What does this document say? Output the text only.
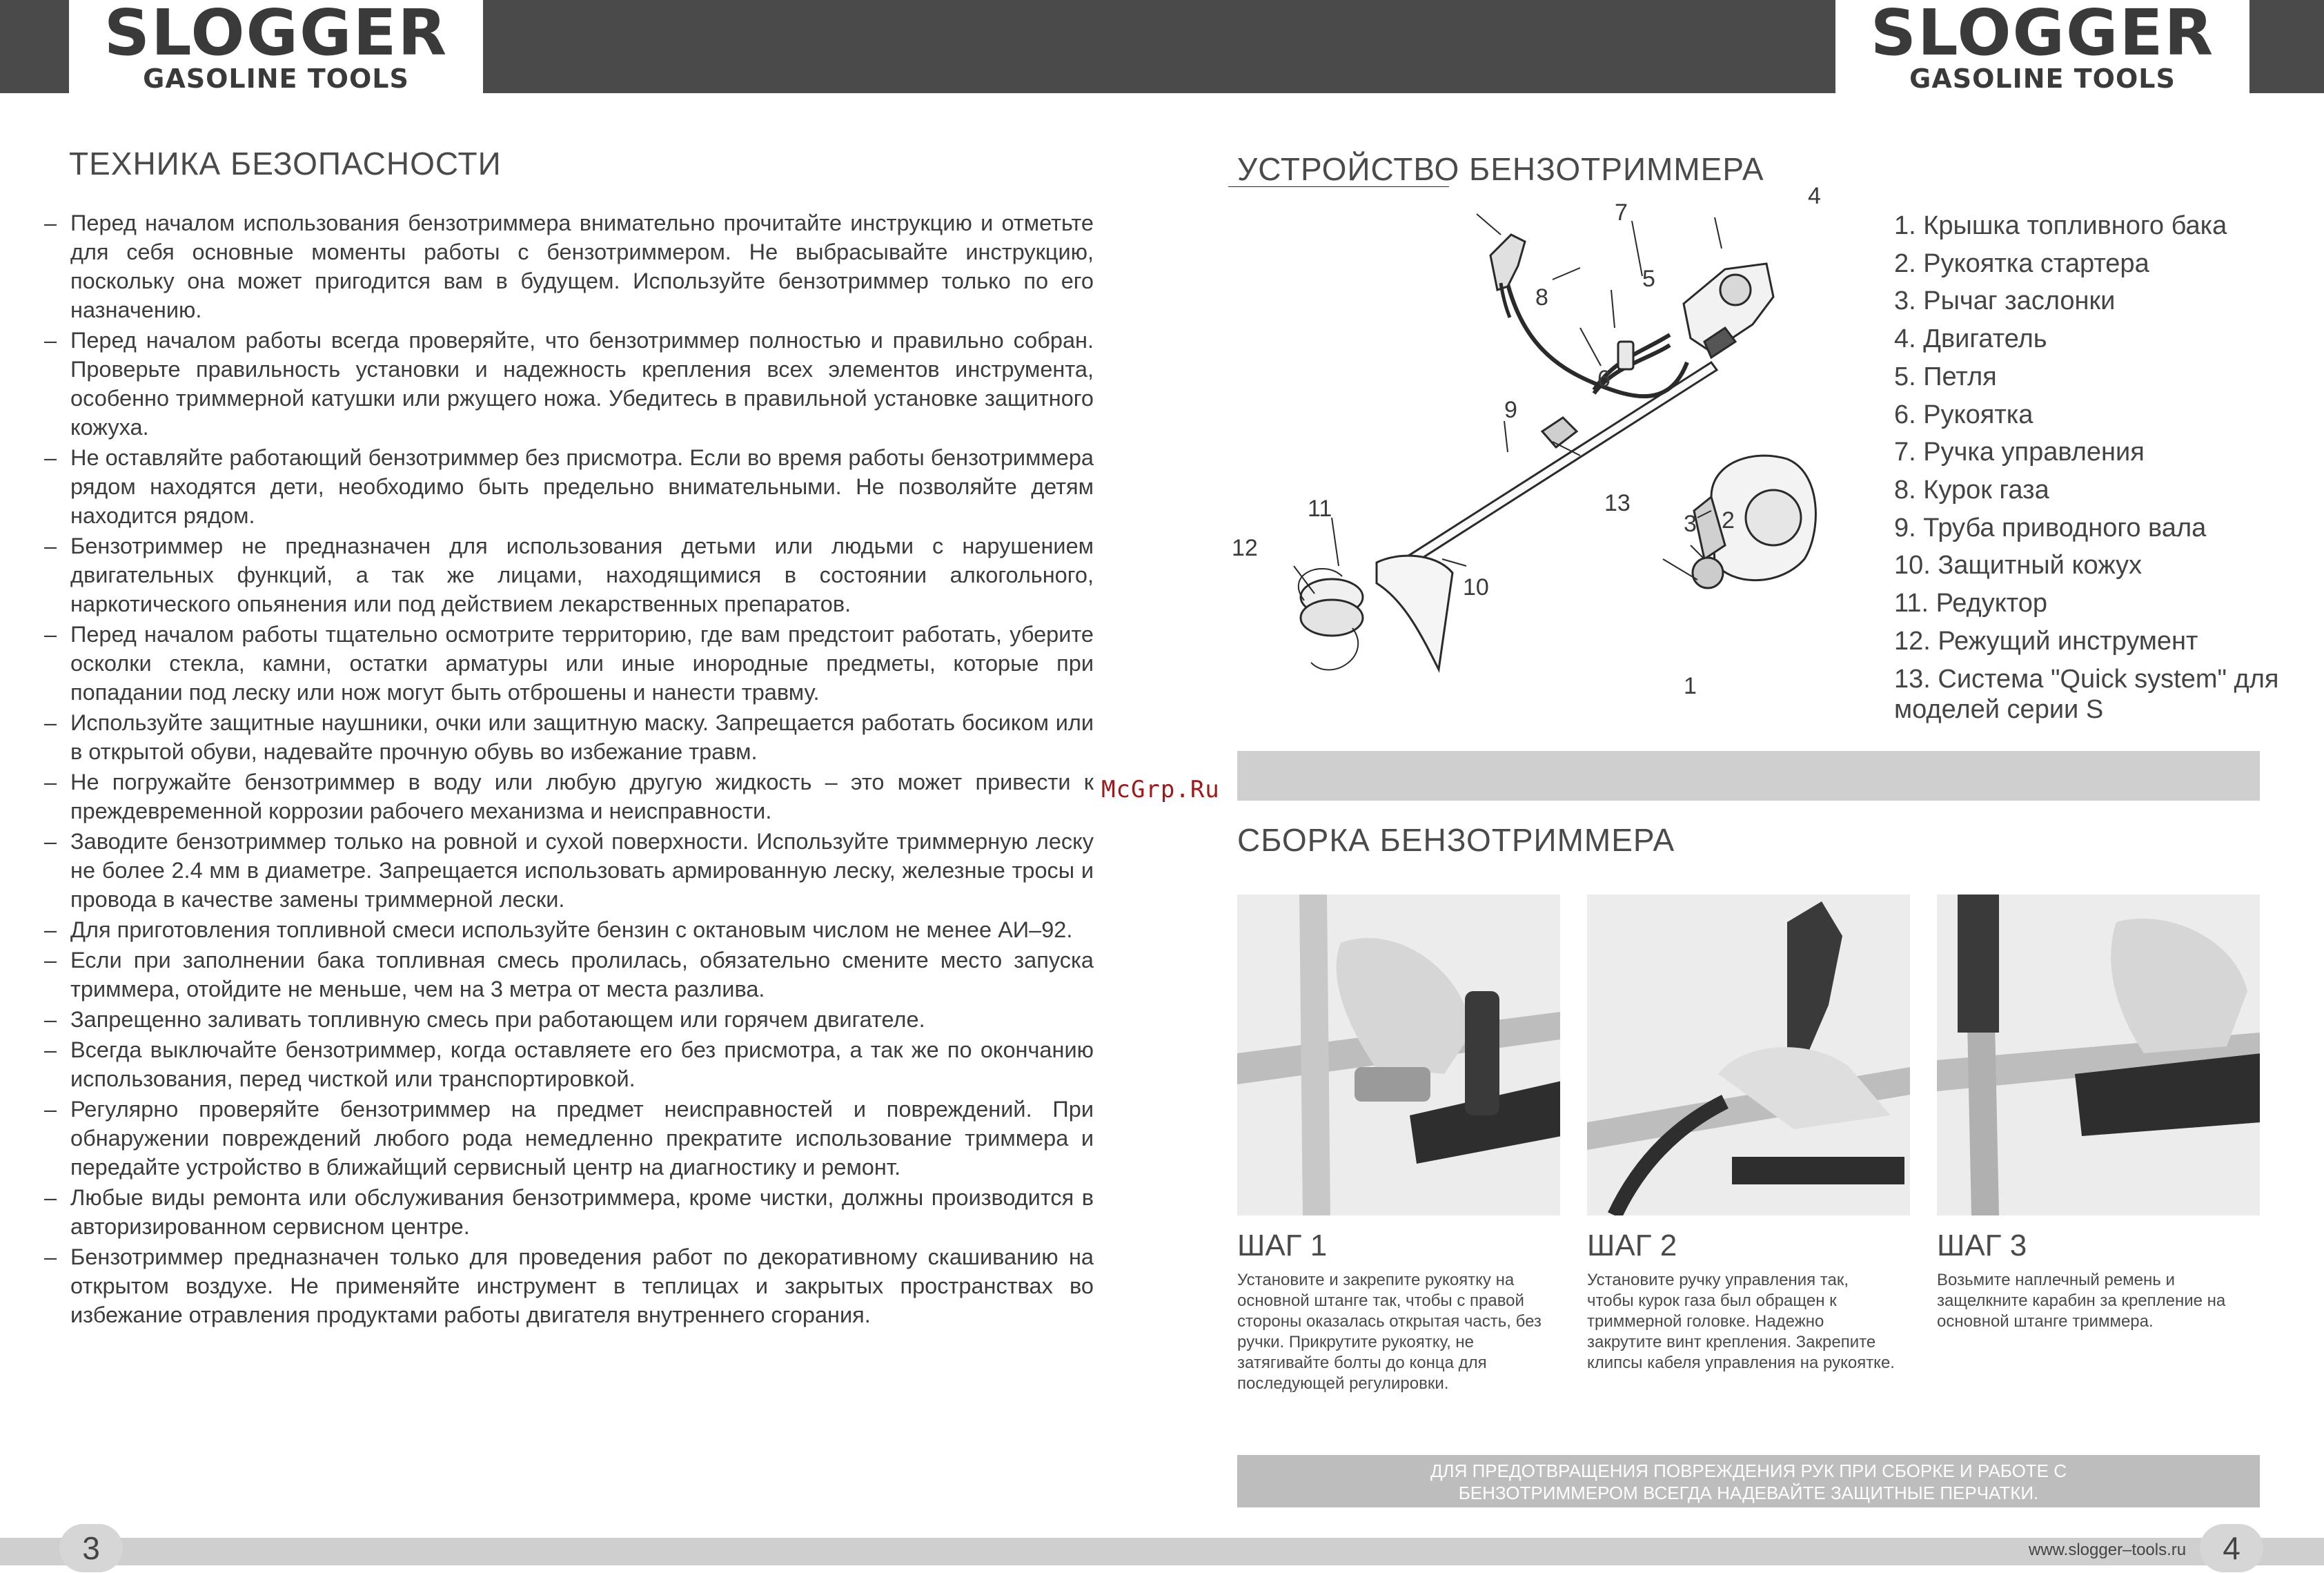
SLOGGER
GASOLINE TOOLS
SLOGGER
GASOLINE TOOLS
ТЕХНИКА БЕЗОПАСНОСТИ

– Перед началом использования бензотриммера внимательно прочитайте инструкцию и отметьте для себя основные моменты работы с бензотриммером. Не выбрасывайте инструкцию, поскольку она может пригодится вам в будущем. Используйте бензотриммер только по его назначению.

– Перед началом работы всегда проверяйте, что бензотриммер полностью и правильно собран. Проверьте правильность установки и надежность крепления всех элементов инструмента, особенно триммерной катушки или ржущего ножа. Убедитесь в правильной установке защитного кожуха.

– Не оставляйте работающий бензотриммер без присмотра. Если во время работы бензотриммера рядом находятся дети, необходимо быть предельно внимательными. Не позволяйте детям находится рядом.

– Бензотриммер не предназначен для использования детьми или людьми с нарушением двигательных функций, а так же лицами, находящимися в состоянии алкогольного, наркотического опьянения или под действием лекарственных препаратов.

– Перед началом работы тщательно осмотрите территорию, где вам предстоит работать, уберите осколки стекла, камни, остатки арматуры или иные инородные предметы, которые при попадании под леску или нож могут быть отброшены и нанести травму.

– Используйте защитные наушники, очки или защитную маску. Запрещается работать босиком или в открытой обуви, надевайте прочную обувь во избежание травм.

– Не погружайте бензотриммер в воду или любую другую жидкость – это может привести к преждевременной коррозии рабочего механизма и неисправности.

– Заводите бензотриммер только на ровной и сухой поверхности. Используйте триммерную леску не более 2.4 мм в диаметре. Запрещается использовать армированную леску, железные тросы и провода в качестве замены триммерной лески.

– Для приготовления топливной смеси используйте бензин с октановым числом не менее АИ–92.

– Если при заполнении бака топливная смесь пролилась, обязательно смените место запуска триммера, отойдите не меньше, чем на 3 метра от места разлива.

– Запрещенно заливать топливную смесь при работающем или горячем двигателе.

– Всегда выключайте бензотриммер, когда оставляете его без присмотра, а так же по окончанию использования, перед чисткой или транспортировкой.

– Регулярно проверяйте бензотриммер на предмет неисправностей и повреждений. При обнаружении повреждений любого рода немедленно прекратите использование триммера и передайте устройство в ближайщий сервисный центр на диагностику и ремонт.

– Любые виды ремонта или обслуживания бензотриммера, кроме чистки, должны производится в авторизированном сервисном центре.

– Бензотриммер предназначен только для проведения работ по декоративному скашиванию на открытом воздухе. Не применяйте инструмент в теплицах и закрытых пространствах во избежание отравления продуктами работы двигателя внутреннего сгорания.

УСТРОЙСТВО БЕНЗОТРИММЕРА
7
4
5
8
6
9
13
11
12
10
3 2
1
1. Крышка топливного бака
2. Рукоятка стартера
3. Рычаг заслонки
4. Двигатель
5. Петля
6. Рукоятка
7. Ручка управления
8. Курок газа
9. Труба приводного вала
10. Защитный кожух
11. Редуктор
12. Режущий инструмент
13. Система "Quick system" для моделей серии S
McGrp.Ru
СБОРКА БЕНЗОТРИММЕРА
ШАГ 1	ШАГ 2	ШАГ 3

Установите и закрепите рукоятку на основной штанге так, чтобы с правой стороны оказалась открытая часть, без ручки. Прикрутите рукоятку, не затягивайте болты до конца для последующей регулировки.

Установите ручку управления так, чтобы курок газа был обращен к триммерной головке. Надежно закрутите винт крепления. Закрепите клипсы кабеля управления на рукоятке.

Возьмите наплечный ремень и защелкните карабин за крепление на основной штанге триммера.

ДЛЯ ПРЕДОТВРАЩЕНИЯ ПОВРЕЖДЕНИЯ РУК ПРИ СБОРКЕ И РАБОТЕ С
БЕНЗОТРИММЕРОМ ВСЕГДА НАДЕВАЙТЕ ЗАЩИТНЫЕ ПЕРЧАТКИ.
3	4
www.slogger–tools.ru
